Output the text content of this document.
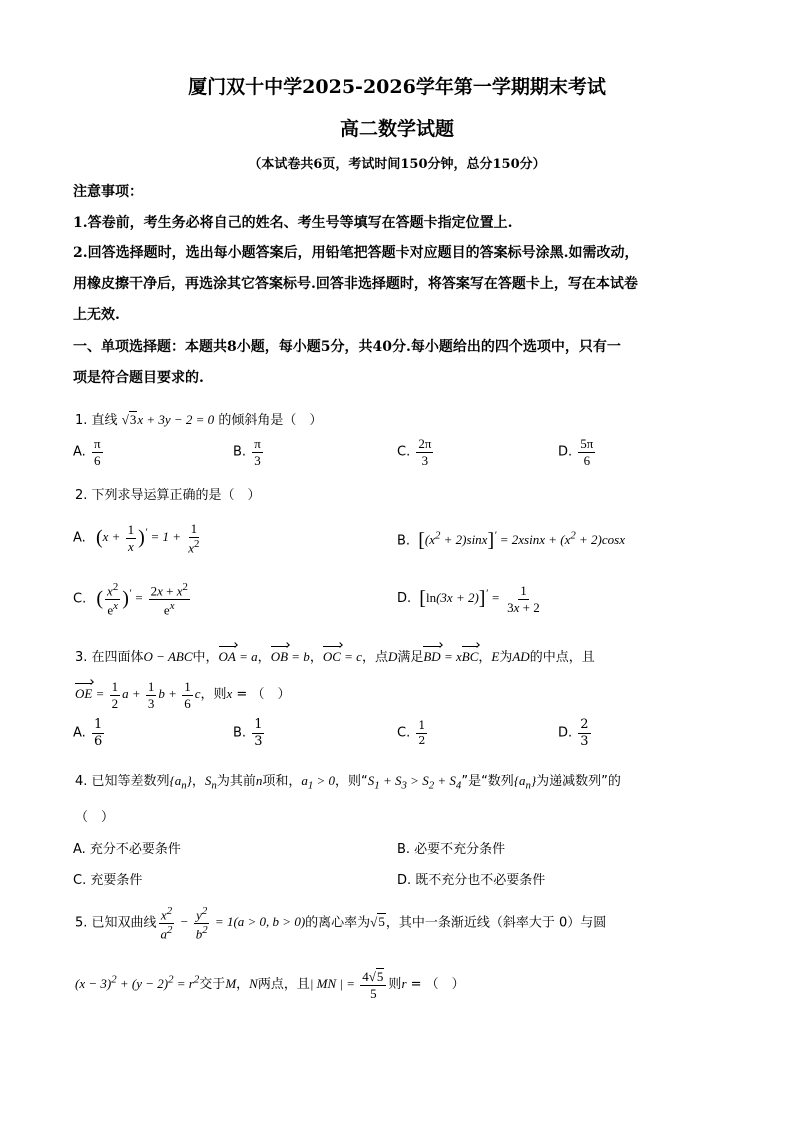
厦门双十中学2025-2026学年第一学期期末考试
高二数学试题
（本试卷共6页，考试时间150分钟，总分150分）
注意事项：
1.答卷前，考生务必将自己的姓名、考生号等填写在答题卡指定位置上.
2.回答选择题时，选出每小题答案后，用铅笔把答题卡对应题目的答案标号涂黑.如需改动，
用橡皮擦干净后，再选涂其它答案标号.回答非选择题时，将答案写在答题卡上，写在本试卷
上无效.
一、单项选择题：本题共8小题，每小题5分，共40分.每小题给出的四个选项中，只有一
项是符合题目要求的.
1. 直线 √3x + 3y − 2 = 0 的倾斜角是（　）
A. $\frac{\pi}{6}$	B. $\frac{\pi}{3}$	C. $\frac{2\pi}{3}$	D. $\frac{5\pi}{6}$
2. 下列求导运算正确的是（　）
A. $(x + \frac{1}{x} )' = 1 + \frac{1}{x^2}$	B. $[(x^2 + 2)\sin x]' = 2xsinx + (x^2 + 2)\cos x$
C. ( $\frac{x^2}{e^x} )' = \frac{2x + x^2}{e^x}$	D. $[\ln(3x + 2)]' = \frac{1}{3x + 2}$
3. 在四面体O − ABC中，OA = a，OB = b，OC = c，点D满足BD = xBC，E为AD的中点，且
OE = $\frac{1}{2}$ $a + \frac{1}{3}$ $b + \frac{1}{6}$ c，则x = （　）
A. $\frac{1}{6}$	B. $\frac{1}{3}$	C. $\frac{1}{2}$	D. $\frac{2}{3}$
4. 已知等差数列$\{a_n\}$，$S_n$为其前n项和，$a_1 > 0$，则“$S_1 + S_3 > S_2 + S_4$”是“数列$\{a_n\}$为递减数列”的
（　）
A. 充分不必要条件	B. 必要不充分条件
C. 充要条件	D. 既不充分也不必要条件
5. 已知双曲线 $\frac{x^2}{a^2} - \frac{y^2}{b^2} = 1(a > 0$, b > 0)的离心率为√5，其中一条渐近线（斜率大于 0）与圆
$(x - 3)^2 + (y - 2)^2 = r^2$交于M，N两点，且| MN | = $\frac{4√5}{5}$ 则r = （　）
